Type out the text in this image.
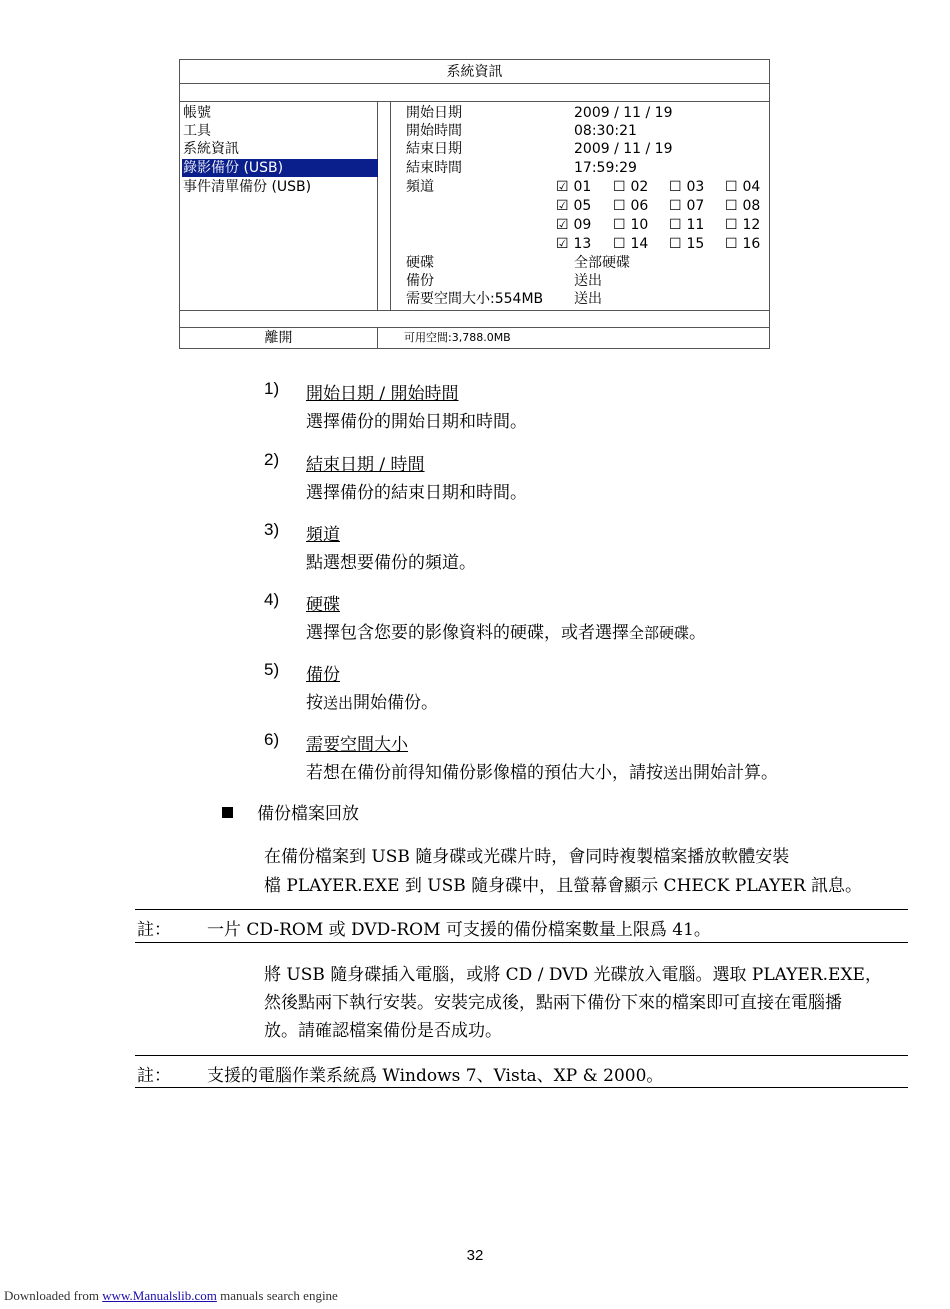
系統資訊
帳號
工具
系統資訊
錄影備份 (USB)
事件清單備份 (USB)
開始日期	2009 / 11 / 19
開始時間	08:30:21
結束日期	2009 / 11 / 19
結束時間	17:59:29
頻道	☑ 01 ☐ 02 ☐ 03 ☐ 04
☑ 05 ☐ 06 ☐ 07 ☐ 08
☑ 09 ☐ 10 ☐ 11 ☐ 12
☑ 13 ☐ 14 ☐ 15 ☐ 16
硬碟	全部硬碟
備份	送出
需要空間大小:554MB 送出
離開	可用空間:3,788.0MB
1) 開始日期 / 開始時間
選擇備份的開始日期和時間。
2) 結束日期 / 時間
選擇備份的結束日期和時間。
3) 頻道
點選想要備份的頻道。
4) 硬碟
選擇包含您要的影像資料的硬碟，或者選擇全部硬碟。
5) 備份
按送出開始備份。
6) 需要空間大小
若想在備份前得知備份影像檔的預估大小，請按送出開始計算。
備份檔案回放
在備份檔案到 USB 隨身碟或光碟片時，會同時複製檔案播放軟體安裝
檔 PLAYER.EXE 到 USB 隨身碟中，且螢幕會顯示 CHECK PLAYER 訊息。
註： 一片 CD-ROM 或 DVD-ROM 可支援的備份檔案數量上限爲 41。
將 USB 隨身碟插入電腦，或將 CD / DVD 光碟放入電腦。選取 PLAYER.EXE，
然後點兩下執行安裝。安裝完成後，點兩下備份下來的檔案即可直接在電腦播
放。請確認檔案備份是否成功。
註： 支援的電腦作業系統爲 Windows 7、Vista、XP & 2000。
32
Downloaded from www.Manualslib.com manuals search engine
